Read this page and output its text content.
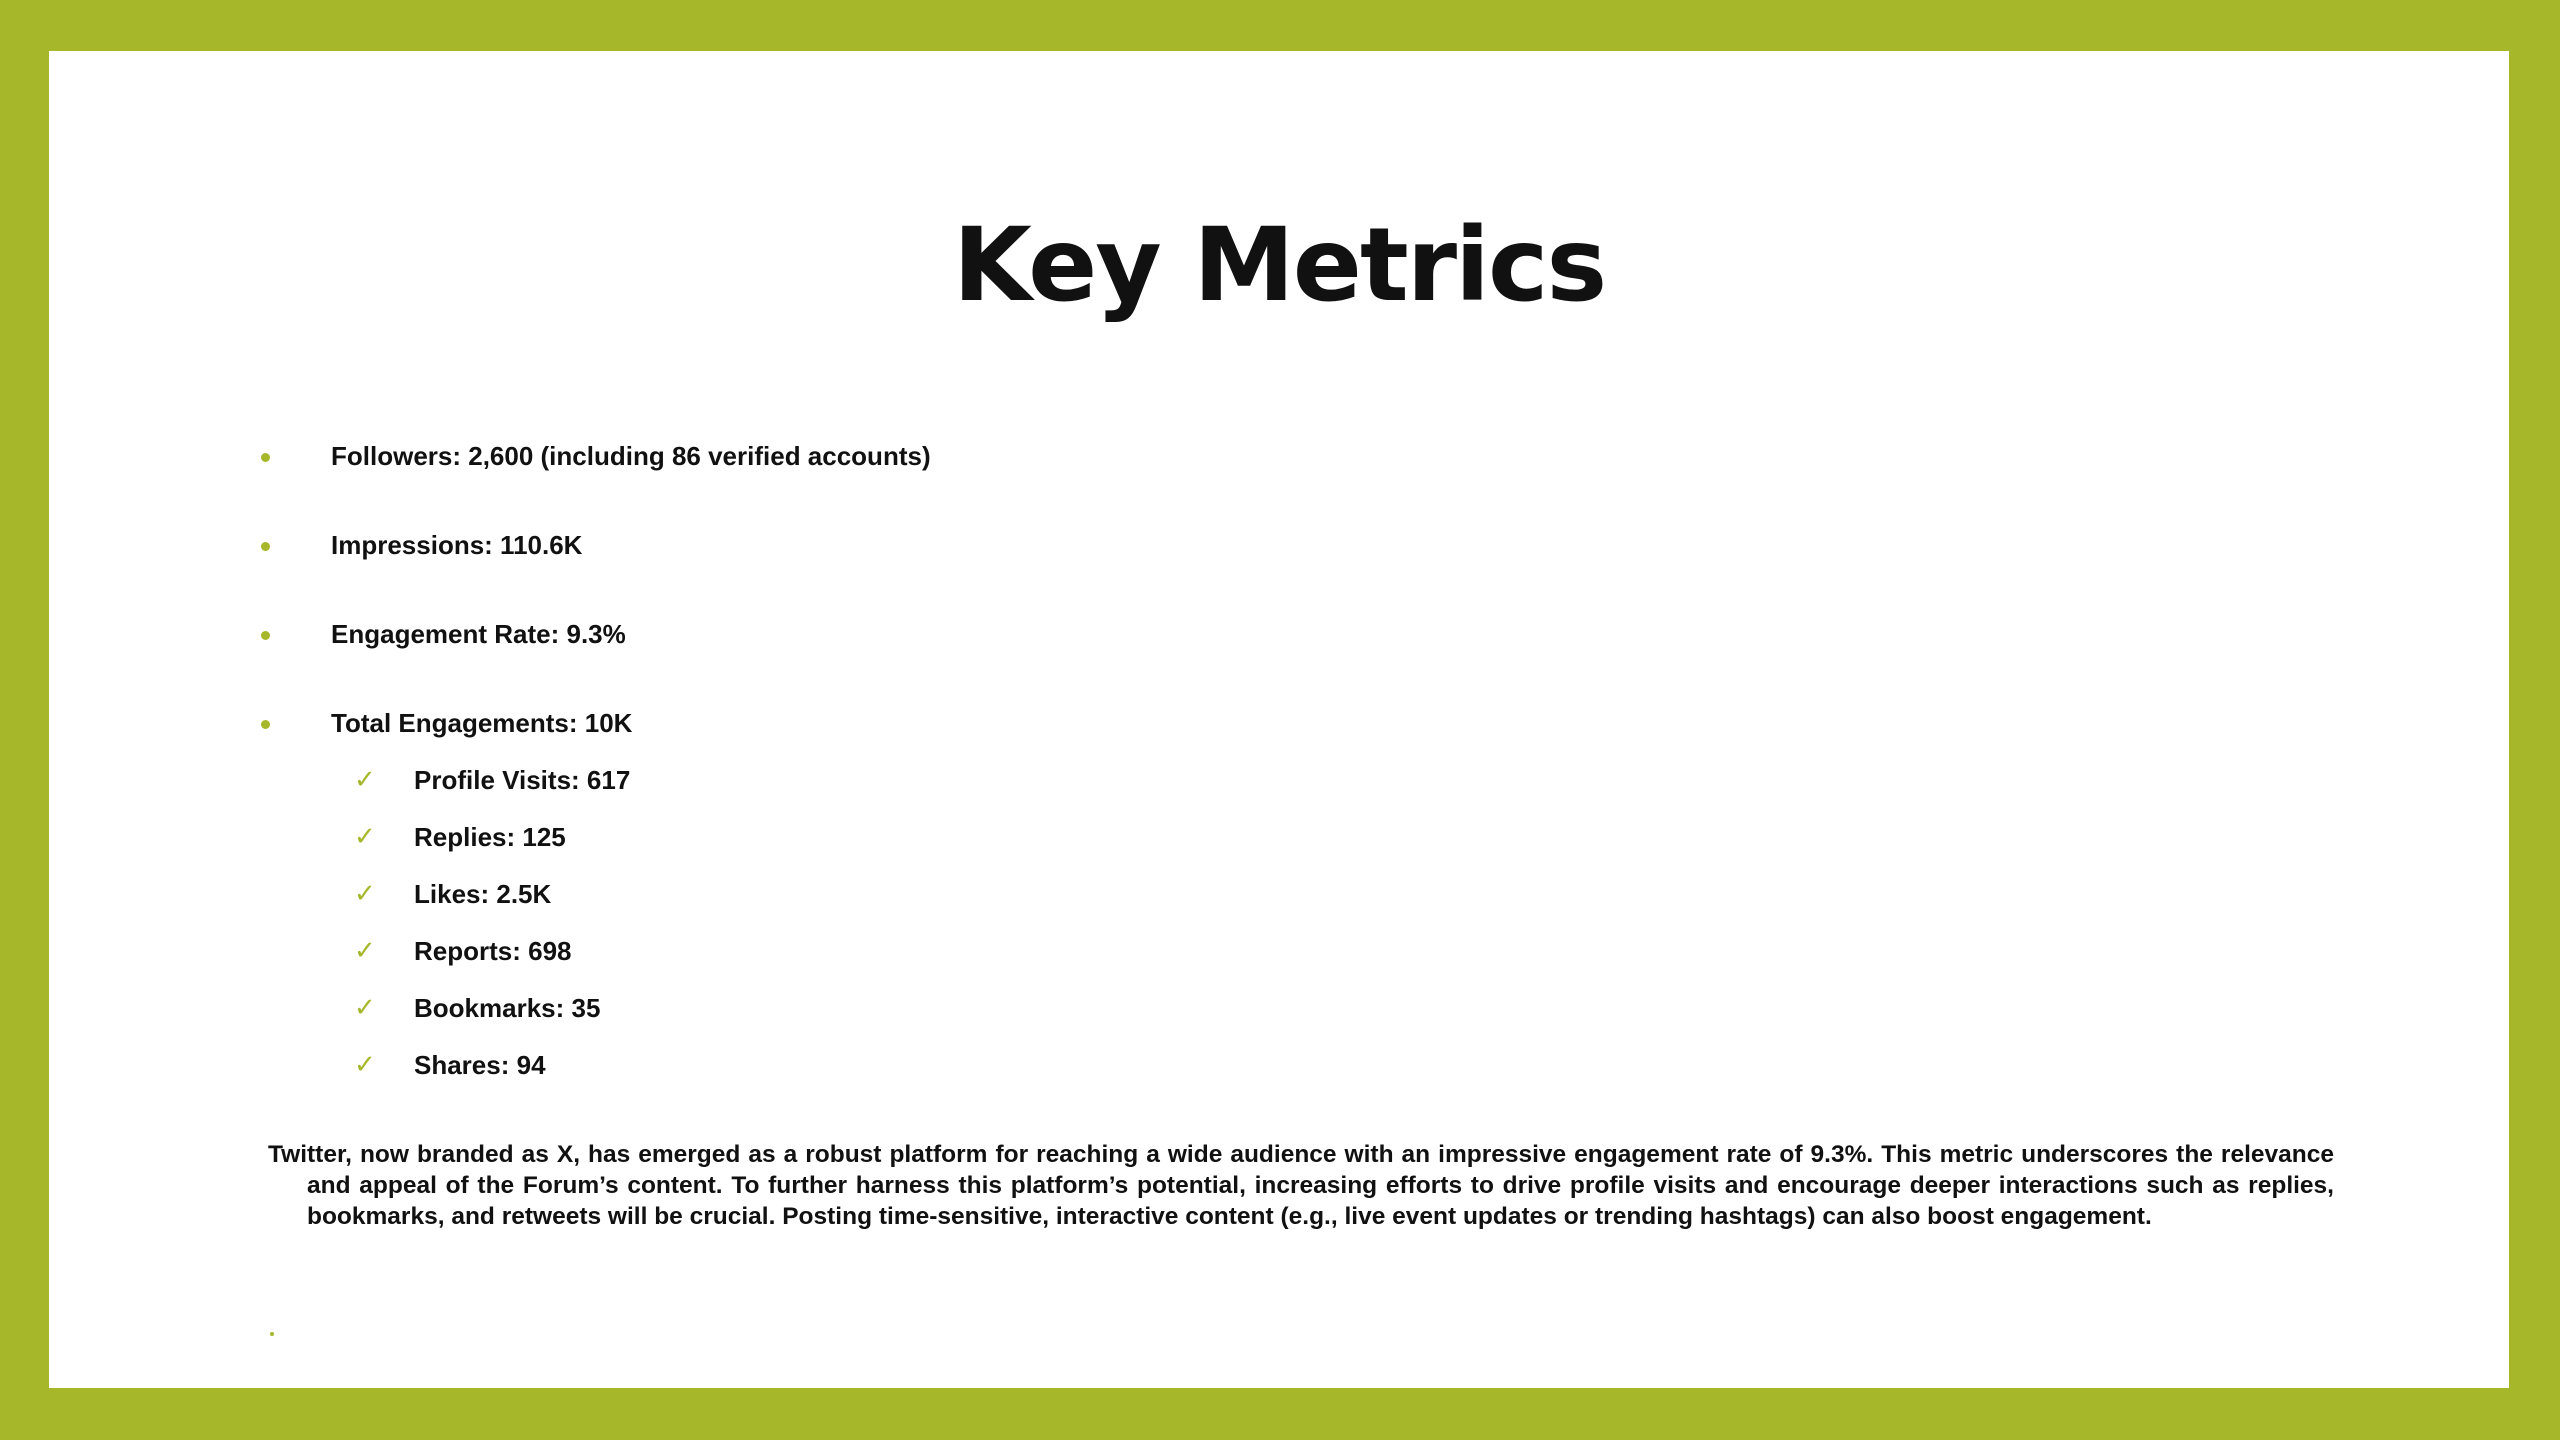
Key Metrics
Followers: 2,600 (including 86 verified accounts)
Impressions: 110.6K
Engagement Rate: 9.3%
Total Engagements: 10K
✓ Profile Visits: 617
✓ Replies: 125
✓ Likes: 2.5K
✓ Reports: 698
✓ Bookmarks: 35
✓ Shares: 94

Twitter, now branded as X, has emerged as a robust platform for reaching a wide audience with an impressive engagement rate of 9.3%. This metric underscores the relevance and appeal of the Forum’s content. To further harness this platform’s potential, increasing efforts to drive profile visits and encourage deeper interactions such as replies, bookmarks, and retweets will be crucial. Posting time-sensitive, interactive content (e.g., live event updates or trending hashtags) can also boost engagement.
